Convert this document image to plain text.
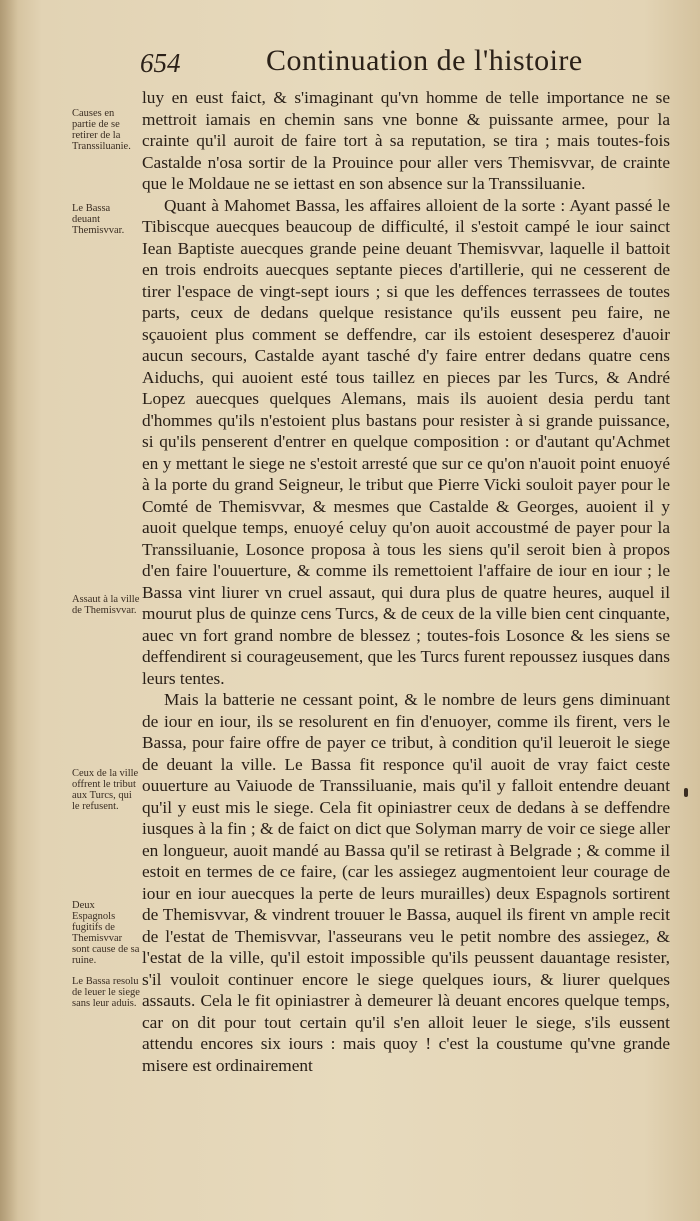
654	Continuation de l'histoire
Causes en partie de se retirer de la Transsiluanie.
Le Bassa deuant Themisvvar.
Assaut à la ville de Themisvvar.
Ceux de la ville offrent le tribut aux Turcs, qui le refusent.
Deux Espagnols fugitifs de Themisvvar sont cause de sa ruine.
Le Bassa resolu de leuer le siege sans leur aduis.

luy en eust faict, & s'imaginant qu'vn homme de telle importance ne se mettroit iamais en chemin sans vne bonne & puissante armee, pour la crainte qu'il auroit de faire tort à sa reputation, se tira ; mais toutes-fois Castalde n'osa sortir de la Prouince pour aller vers Themisvvar, de crainte que le Moldaue ne se iettast en son absence sur la Transsiluanie.

Quant à Mahomet Bassa, les affaires alloient de la sorte : Ayant passé le Tibiscque auecques beaucoup de difficulté, il s'estoit campé le iour sainct Iean Baptiste auecques grande peine deuant Themisvvar, laquelle il battoit en trois endroits auecques septante pieces d'artillerie, qui ne cesserent de tirer l'espace de vingt-sept iours ; si que les deffences terrassees de toutes parts, ceux de dedans quelque resistance qu'ils eussent peu faire, ne sçauoient plus comment se deffendre, car ils estoient desesperez d'auoir aucun secours, Castalde ayant tasché d'y faire entrer dedans quatre cens Aiduchs, qui auoient esté tous taillez en pieces par les Turcs, & André Lopez auecques quelques Alemans, mais ils auoient desia perdu tant d'hommes qu'ils n'estoient plus bastans pour resister à si grande puissance, si qu'ils penserent d'entrer en quelque composition : or d'autant qu'Achmet en y mettant le siege ne s'estoit arresté que sur ce qu'on n'auoit point enuoyé à la porte du grand Seigneur, le tribut que Pierre Vicki souloit payer pour le Comté de Themisvvar, & mesmes que Castalde & Georges, auoient il y auoit quelque temps, enuoyé celuy qu'on auoit accoustmé de payer pour la Transsiluanie, Losonce proposa à tous les siens qu'il seroit bien à propos d'en faire l'ouuerture, & comme ils remettoient l'affaire de iour en iour ; le Bassa vint liurer vn cruel assaut, qui dura plus de quatre heures, auquel il mourut plus de quinze cens Turcs, & de ceux de la ville bien cent cinquante, auec vn fort grand nombre de blessez ; toutes-fois Losonce & les siens se deffendirent si courageusement, que les Turcs furent repoussez iusques dans leurs tentes.

Mais la batterie ne cessant point, & le nombre de leurs gens diminuant de iour en iour, ils se resolurent en fin d'enuoyer, comme ils firent, vers le Bassa, pour faire offre de payer ce tribut, à condition qu'il leueroit le siege de deuant la ville. Le Bassa fit responce qu'il auoit de vray faict ceste ouuerture au Vaiuode de Transsiluanie, mais qu'il y falloit entendre deuant qu'il y eust mis le siege. Cela fit opiniastrer ceux de dedans à se deffendre iusques à la fin ; & de faict on dict que Solyman marry de voir ce siege aller en longueur, auoit mandé au Bassa qu'il se retirast à Belgrade ; & comme il estoit en termes de ce faire, (car les assiegez augmentoient leur courage de iour en iour auecques la perte de leurs murailles) deux Espagnols sortirent de Themisvvar, & vindrent trouuer le Bassa, auquel ils firent vn ample recit de l'estat de Themisvvar, l'asseurans veu le petit nombre des assiegez, & l'estat de la ville, qu'il estoit impossible qu'ils peussent dauantage resister, s'il vouloit continuer encore le siege quelques iours, & liurer quelques assauts. Cela le fit opiniastrer à demeurer là deuant encores quelque temps, car on dit pour tout certain qu'il s'en alloit leuer le siege, s'ils eussent attendu encores six iours : mais quoy ! c'est la coustume qu'vne grande misere est ordinairement
